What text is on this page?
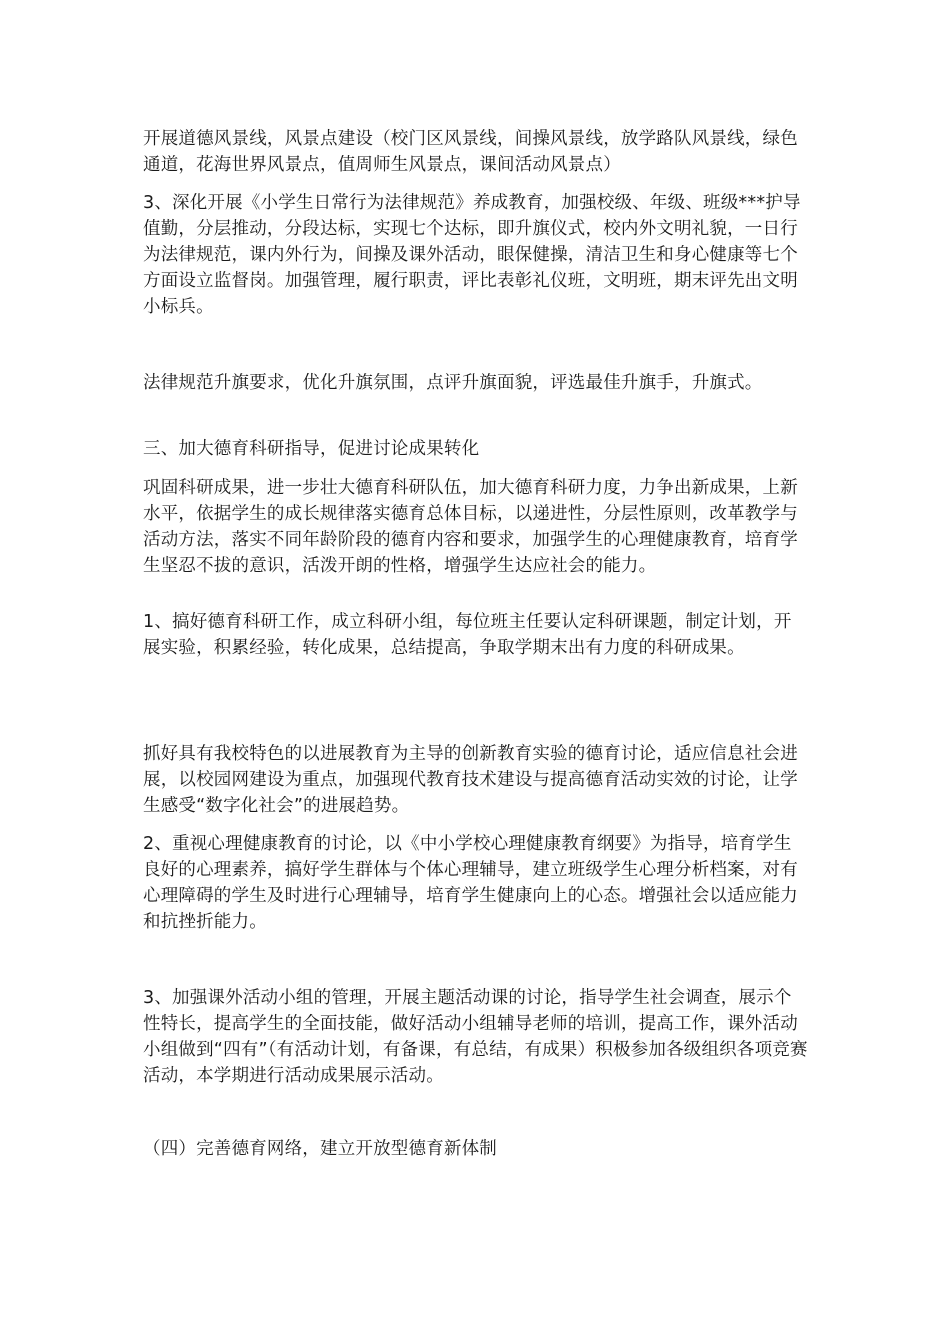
开展道德风景线，风景点建设（校门区风景线，间操风景线，放学路队风景线，绿色通道，花海世界风景点，值周师生风景点，课间活动风景点）

3、深化开展《小学生日常行为法律规范》养成教育，加强校级、年级、班级***护导值勤，分层推动，分段达标，实现七个达标，即升旗仪式，校内外文明礼貌，一日行为法律规范，课内外行为，间操及课外活动，眼保健操，清洁卫生和身心健康等七个方面设立监督岗。加强管理，履行职责，评比表彰礼仪班，文明班，期末评先出文明小标兵。

法律规范升旗要求，优化升旗氛围，点评升旗面貌，评选最佳升旗手，升旗式。

三、加大德育科研指导，促进讨论成果转化

巩固科研成果，进一步壮大德育科研队伍，加大德育科研力度，力争出新成果，上新水平，依据学生的成长规律落实德育总体目标，以递进性，分层性原则，改革教学与活动方法，落实不同年龄阶段的德育内容和要求，加强学生的心理健康教育，培育学生坚忍不拔的意识，活泼开朗的性格，增强学生达应社会的能力。

1、搞好德育科研工作，成立科研小组，每位班主任要认定科研课题，制定计划，开展实验，积累经验，转化成果，总结提高，争取学期末出有力度的科研成果。

抓好具有我校特色的以进展教育为主导的创新教育实验的德育讨论，适应信息社会进展，以校园网建设为重点，加强现代教育技术建设与提高德育活动实效的讨论，让学生感受“数字化社会”的进展趋势。

2、重视心理健康教育的讨论，以《中小学校心理健康教育纲要》为指导，培育学生良好的心理素养，搞好学生群体与个体心理辅导，建立班级学生心理分析档案，对有心理障碍的学生及时进行心理辅导，培育学生健康向上的心态。增强社会以适应能力和抗挫折能力。

3、加强课外活动小组的管理，开展主题活动课的讨论，指导学生社会调查，展示个性特长，提高学生的全面技能，做好活动小组辅导老师的培训，提高工作，课外活动小组做到“四有”（有活动计划，有备课，有总结，有成果）积极参加各级组织各项竞赛活动，本学期进行活动成果展示活动。

（四）完善德育网络，建立开放型德育新体制
